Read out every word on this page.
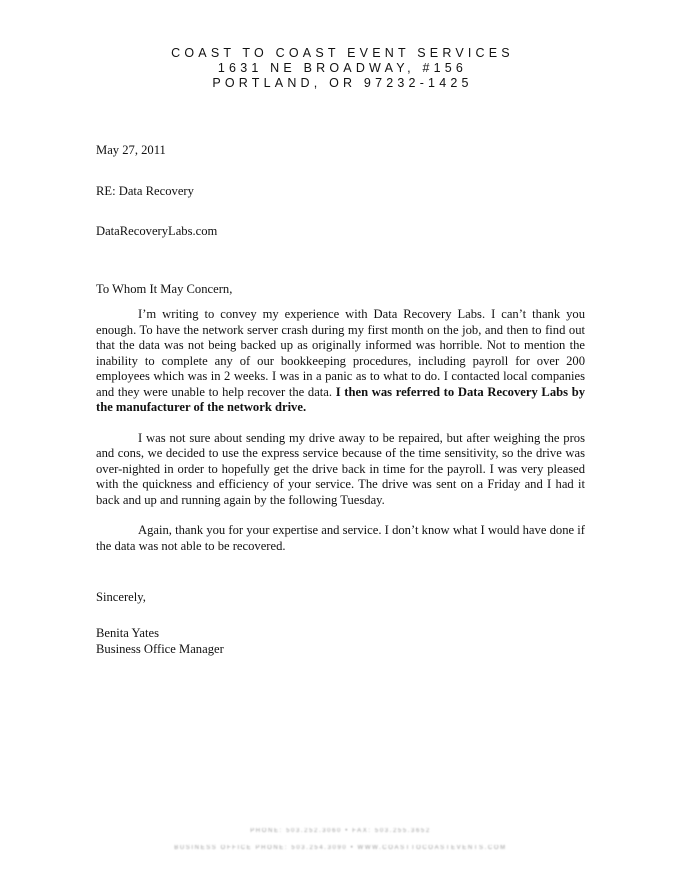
COAST TO COAST EVENT SERVICES
1631 NE BROADWAY, #156
PORTLAND, OR 97232-1425
May 27, 2011
RE: Data Recovery
DataRecoveryLabs.com
To Whom It May Concern,

I’m writing to convey my experience with Data Recovery Labs. I can’t thank you enough. To have the network server crash during my first month on the job, and then to find out that the data was not being backed up as originally informed was horrible. Not to mention the inability to complete any of our bookkeeping procedures, including payroll for over 200 employees which was in 2 weeks. I was in a panic as to what to do. I contacted local companies and they were unable to help recover the data. I then was referred to Data Recovery Labs by the manufacturer of the network drive.

I was not sure about sending my drive away to be repaired, but after weighing the pros and cons, we decided to use the express service because of the time sensitivity, so the drive was over-nighted in order to hopefully get the drive back in time for the payroll. I was very pleased with the quickness and efficiency of your service. The drive was sent on a Friday and I had it back and up and running again by the following Tuesday.

Again, thank you for your expertise and service. I don’t know what I would have done if the data was not able to be recovered.

Sincerely,
Benita Yates
Business Office Manager
PHONE: 503.252.3060 • FAX: 503.255.3652
BUSINESS OFFICE PHONE: 503.254.3090 • WWW.COASTTOCOASTEVENTS.COM
